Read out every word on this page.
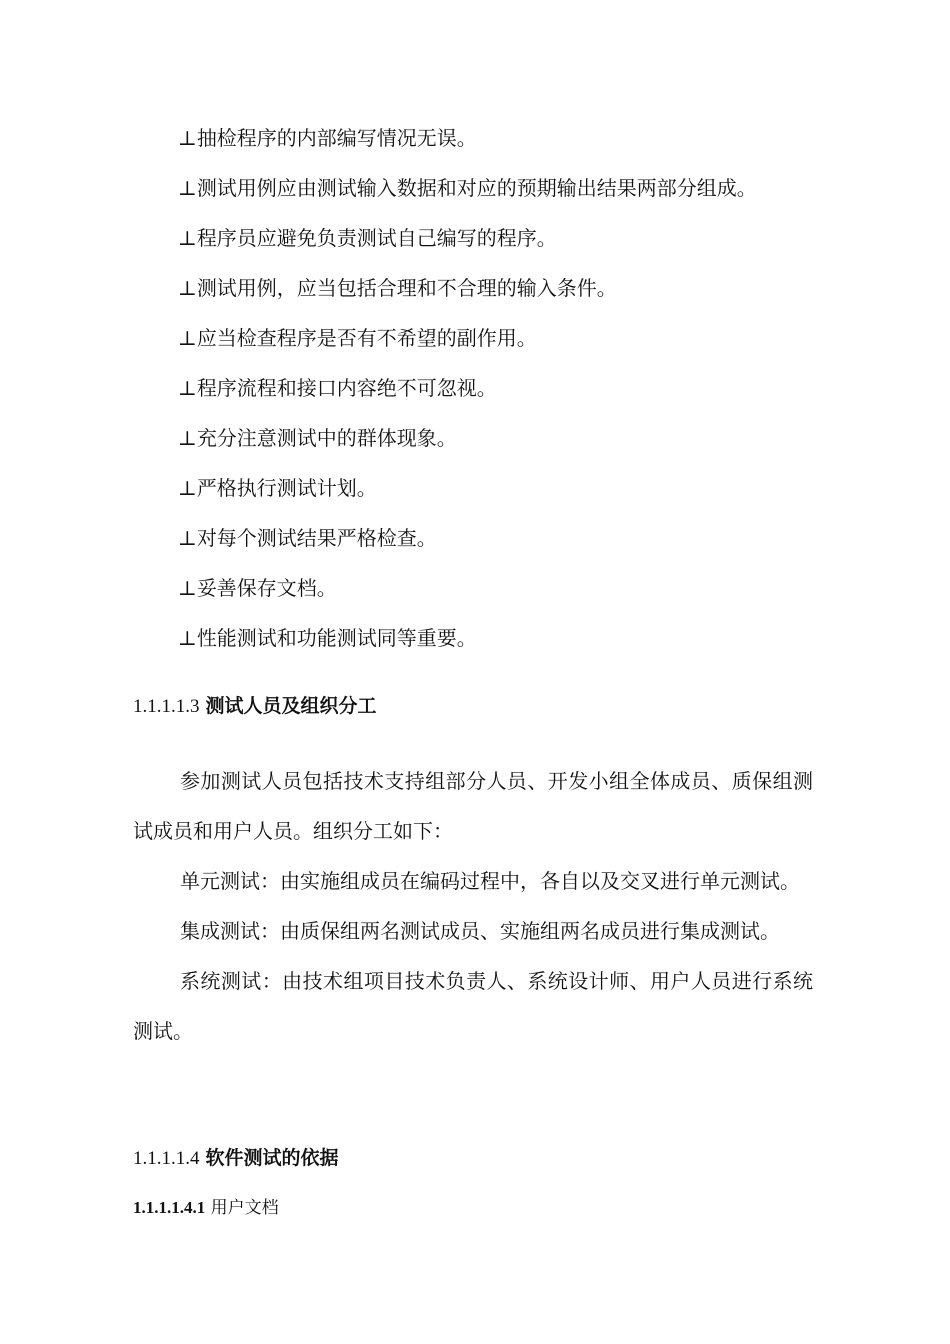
⊥抽检程序的内部编写情况无误。
⊥测试用例应由测试输入数据和对应的预期输出结果两部分组成。
⊥程序员应避免负责测试自己编写的程序。
⊥测试用例，应当包括合理和不合理的输入条件。
⊥应当检查程序是否有不希望的副作用。
⊥程序流程和接口内容绝不可忽视。
⊥充分注意测试中的群体现象。
⊥严格执行测试计划。
⊥对每个测试结果严格检查。
⊥妥善保存文档。
⊥性能测试和功能测试同等重要。
1.1.1.1.3 测试人员及组织分工

参加测试人员包括技术支持组部分人员、开发小组全体成员、质保组测试成员和用户人员。组织分工如下：

单元测试：由实施组成员在编码过程中，各自以及交叉进行单元测试。

集成测试：由质保组两名测试成员、实施组两名成员进行集成测试。

系统测试：由技术组项目技术负责人、系统设计师、用户人员进行系统测试。

1.1.1.1.4 软件测试的依据
1.1.1.1.4.1 用户文档
